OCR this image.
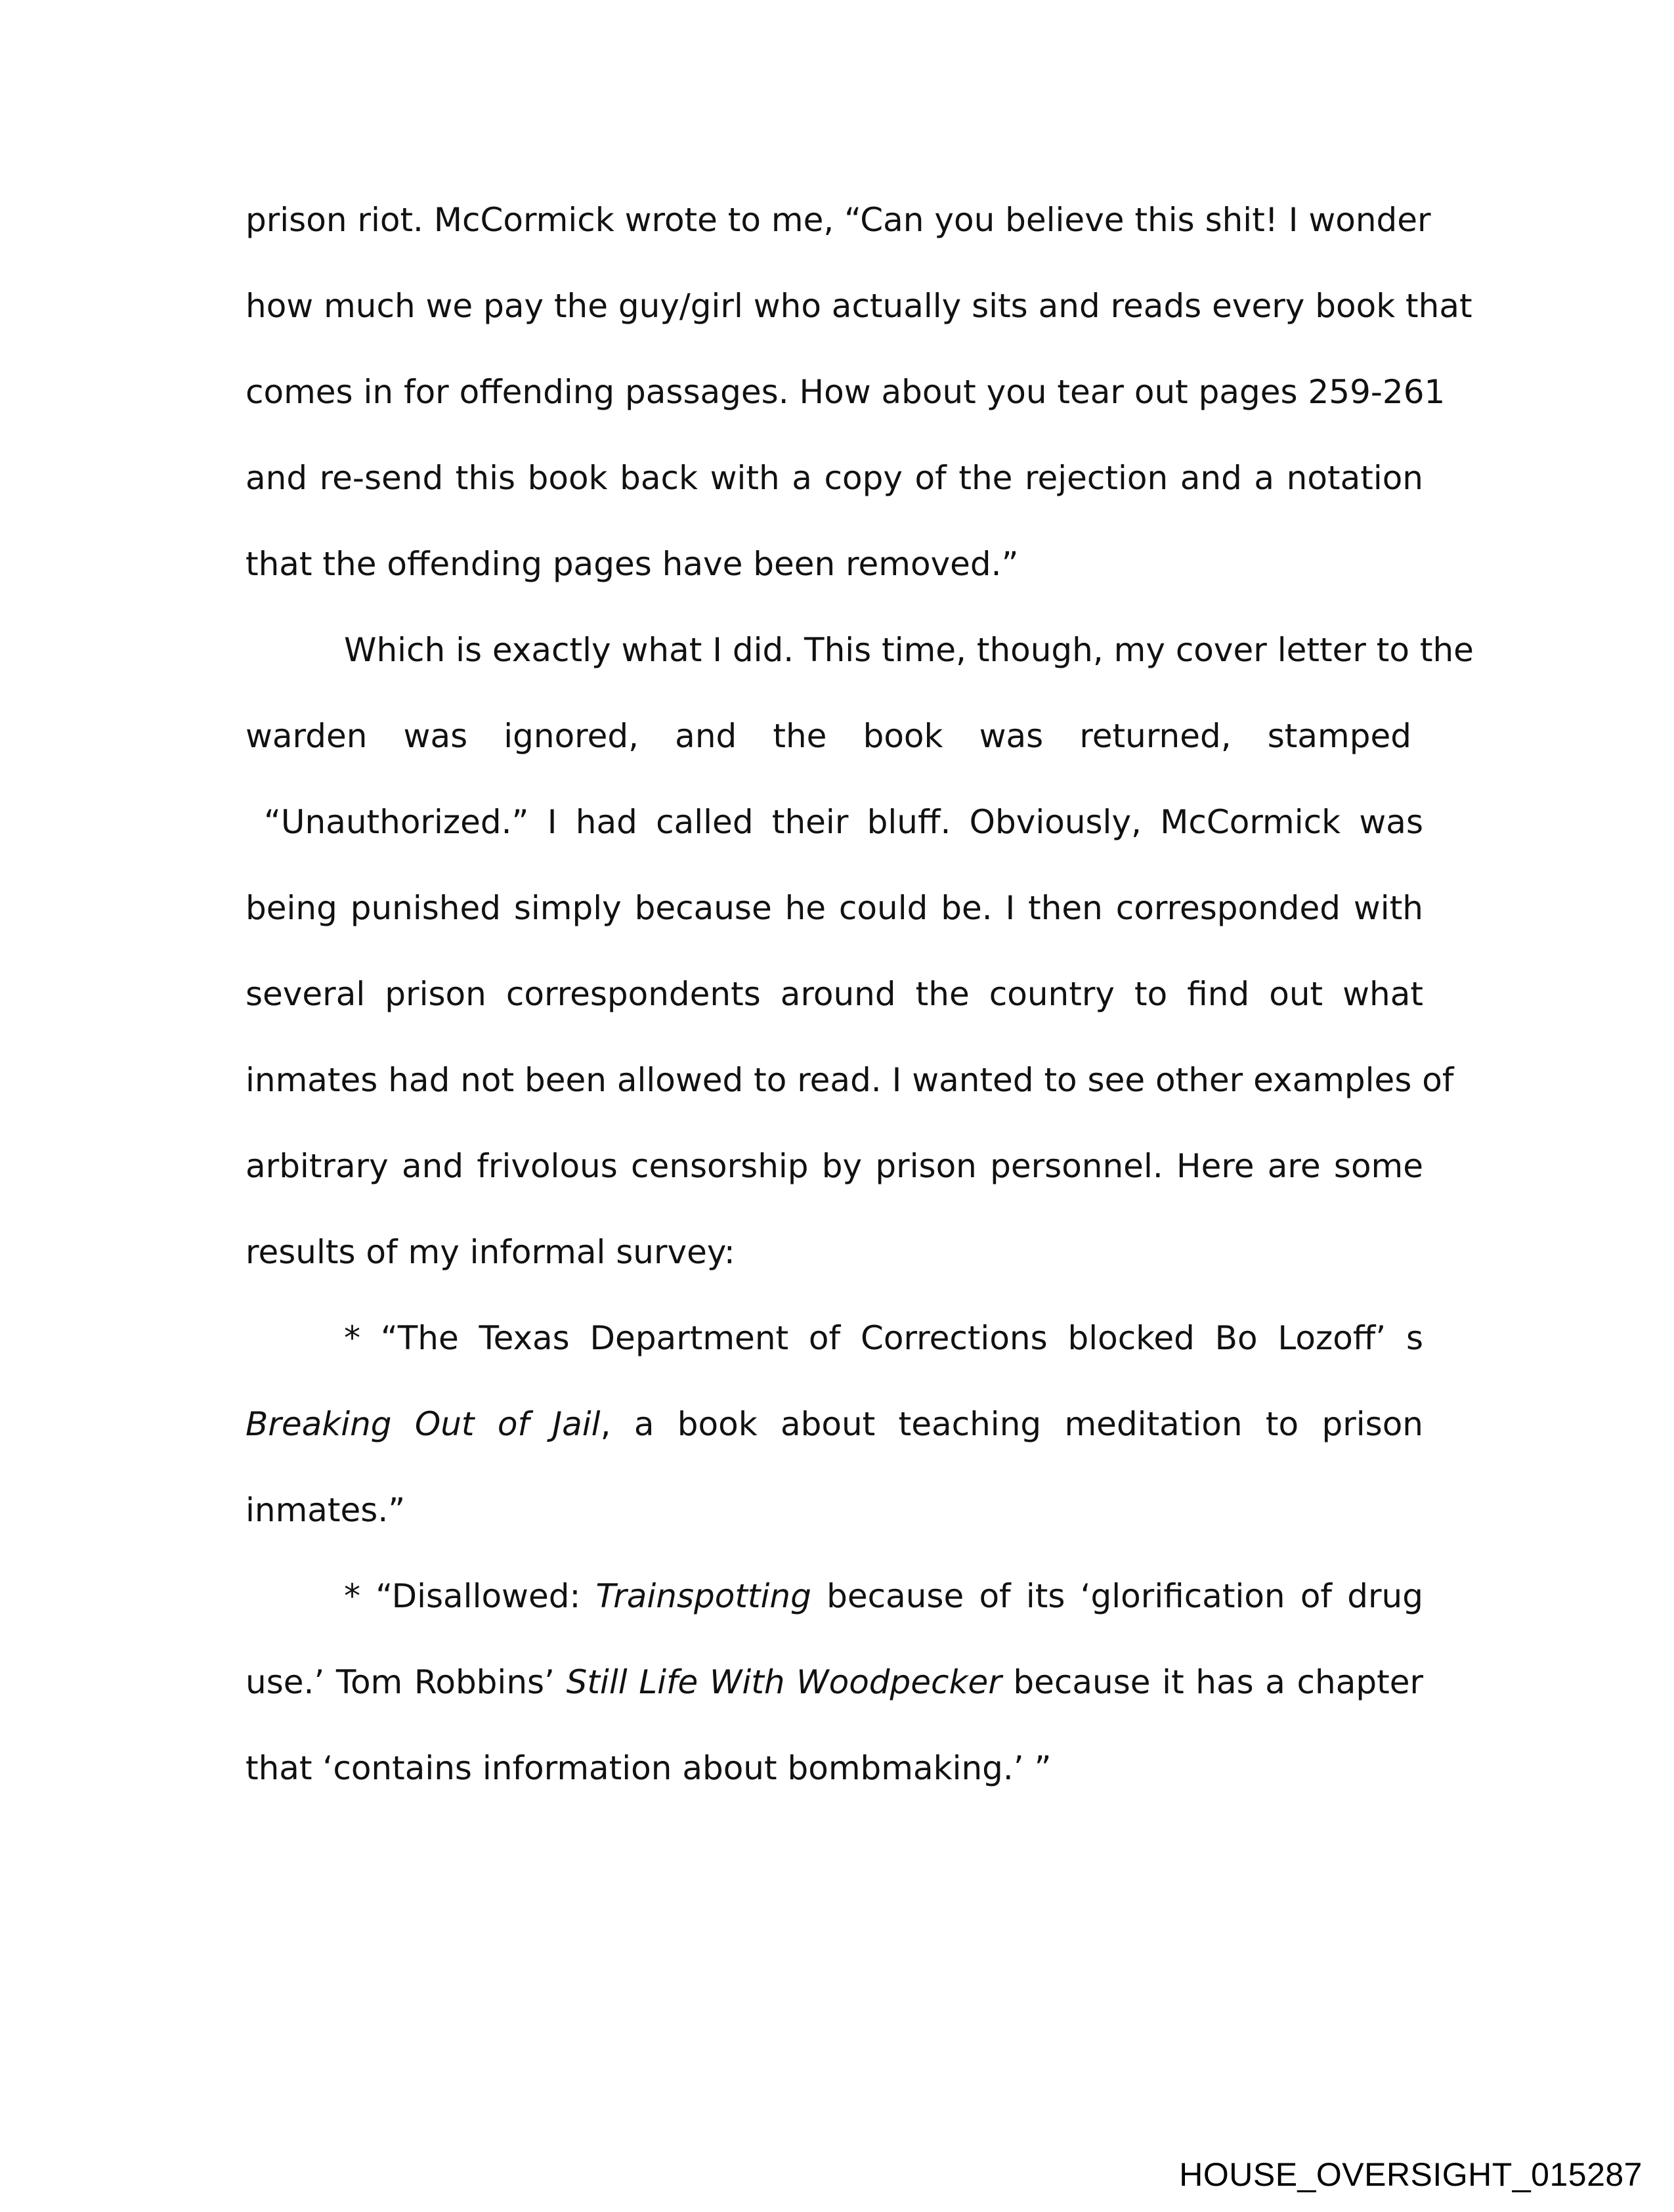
prison riot. McCormick wrote to me, “Can you believe this shit! I wonder
how much we pay the guy/girl who actually sits and reads every book that
comes in for offending passages. How about you tear out pages 259-261
and re-send this book back with a copy of the rejection and a notation
that the offending pages have been removed.”
Which is exactly what I did. This time, though, my cover letter to the
warden was ignored, and the book was returned, stamped
“Unauthorized.” I had called their bluff. Obviously, McCormick was
being punished simply because he could be. I then corresponded with
several prison correspondents around the country to find out what
inmates had not been allowed to read. I wanted to see other examples of
arbitrary and frivolous censorship by prison personnel. Here are some
results of my informal survey:
* “The Texas Department of Corrections blocked Bo Lozoff’ s
Breaking Out of Jail, a book about teaching meditation to prison
inmates.”
* “Disallowed: Trainspotting because of its ‘glorification of drug
use.’ Tom Robbins’ Still Life With Woodpecker because it has a chapter
that ‘contains information about bombmaking.’ ”
HOUSE_OVERSIGHT_015287
